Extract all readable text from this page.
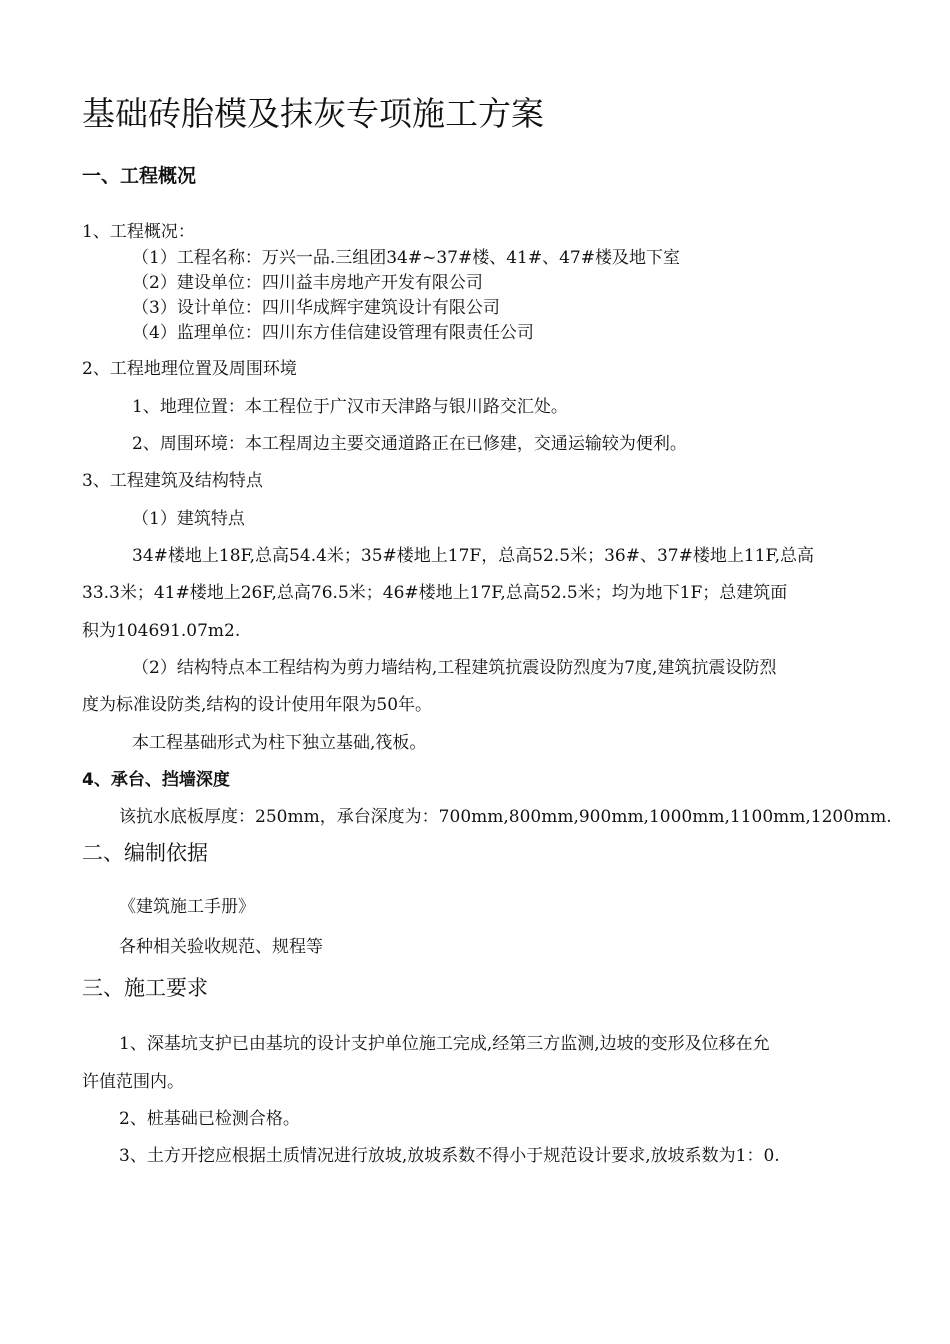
基础砖胎模及抹灰专项施工方案
一、工程概况
1、工程概况：
（1）工程名称：万兴一品.三组团34#~37#楼、41#、47#楼及地下室
（2）建设单位：四川益丰房地产开发有限公司
（3）设计单位：四川华成辉宇建筑设计有限公司
（4）监理单位：四川东方佳信建设管理有限责任公司
2、工程地理位置及周围环境
1、地理位置：本工程位于广汉市天津路与银川路交汇处。
2、周围环境：本工程周边主要交通道路正在已修建，交通运输较为便利。
3、工程建筑及结构特点
（1）建筑特点
34#楼地上18F,总高54.4米；35#楼地上17F，总高52.5米；36#、37#楼地上11F,总高
33.3米；41#楼地上26F,总高76.5米；46#楼地上17F,总高52.5米；均为地下1F；总建筑面
积为104691.07m2.
（2）结构特点本工程结构为剪力墙结构,工程建筑抗震设防烈度为7度,建筑抗震设防烈
度为标准设防类,结构的设计使用年限为50年。
本工程基础形式为柱下独立基础,筏板。
4、承台、挡墙深度
该抗水底板厚度：250mm，承台深度为：700mm,800mm,900mm,1000mm,1100mm,1200mm.
二、编制依据
《建筑施工手册》
各种相关验收规范、规程等
三、施工要求
1、深基坑支护已由基坑的设计支护单位施工完成,经第三方监测,边坡的变形及位移在允
许值范围内。
2、桩基础已检测合格。
3、土方开挖应根据土质情况进行放坡,放坡系数不得小于规范设计要求,放坡系数为1：0.
